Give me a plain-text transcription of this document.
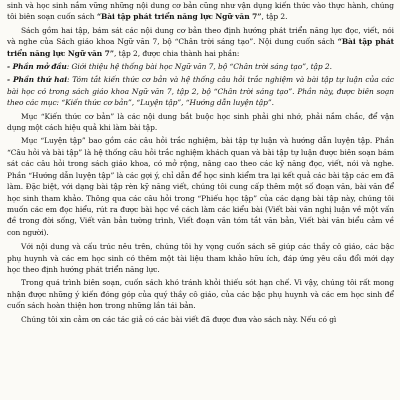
sinh và học sinh nắm vững những nội dung cơ bản cũng như vận dụng kiến thức vào thực hành, chúng tôi biên soạn cuốn sách “Bài tập phát triển năng lực Ngữ văn 7”, tập 2.

Sách gồm hai tập, bám sát các nội dung cơ bản theo định hướng phát triển năng lực đọc, viết, nói và nghe của Sách giáo khoa Ngữ văn 7, bộ “Chân trời sáng tạo”. Nội dung cuốn sách “Bài tập phát triển năng lực Ngữ văn 7”, tập 2, được chia thành hai phần:

- Phần mở đầu: Giới thiệu hệ thống bài học Ngữ văn 7, bộ “Chân trời sáng tạo”, tập 2.

- Phần thứ hai: Tóm tắt kiến thức cơ bản và hệ thống câu hỏi trắc nghiệm và bài tập tự luận của các bài học có trong sách giáo khoa Ngữ văn 7, tập 2, bộ “Chân trời sáng tạo”. Phần này, được biên soạn theo các mục: “Kiến thức cơ bản”, “Luyện tập”, “Hướng dẫn luyện tập”.

Mục “Kiến thức cơ bản” là các nội dung bắt buộc học sinh phải ghi nhớ, phải nắm chắc, để vận dụng một cách hiệu quả khi làm bài tập.

Mục “Luyện tập” bao gồm các câu hỏi trắc nghiệm, bài tập tự luận và hướng dẫn luyện tập. Phần “Câu hỏi và bài tập” là hệ thống câu hỏi trắc nghiệm khách quan và bài tập tự luận được biên soạn bám sát các câu hỏi trong sách giáo khoa, có mở rộng, nâng cao theo các kỹ năng đọc, viết, nói và nghe. Phần “Hướng dẫn luyện tập” là các gợi ý, chỉ dẫn để học sinh kiểm tra lại kết quả các bài tập các em đã làm. Đặc biệt, với dạng bài tập rèn kỹ năng viết, chúng tôi cung cấp thêm một số đoạn văn, bài văn để học sinh tham khảo. Thông qua các câu hỏi trong “Phiếu học tập” của các dạng bài tập này, chúng tôi muốn các em đọc hiểu, rút ra được bài học về cách làm các kiểu bài (Viết bài văn nghị luận về một vấn đề trong đời sống, Viết văn bản tường trình, Viết đoạn văn tóm tắt văn bản, Viết bài văn biểu cảm về con người).

Với nội dung và cấu trúc nêu trên, chúng tôi hy vọng cuốn sách sẽ giúp các thầy cô giáo, các bậc phụ huynh và các em học sinh có thêm một tài liệu tham khảo hữu ích, đáp ứng yêu cầu đổi mới dạy học theo định hướng phát triển năng lực.

Trong quá trình biên soạn, cuốn sách khó tránh khỏi thiếu sót hạn chế. Vì vậy, chúng tôi rất mong nhận được những ý kiến đóng góp của quý thầy cô giáo, của các bậc phụ huynh và các em học sinh để cuốn sách hoàn thiện hơn trong những lần tái bản.

Chúng tôi xin cảm ơn các tác giả có các bài viết đã được đưa vào sách này. Nếu có gì
